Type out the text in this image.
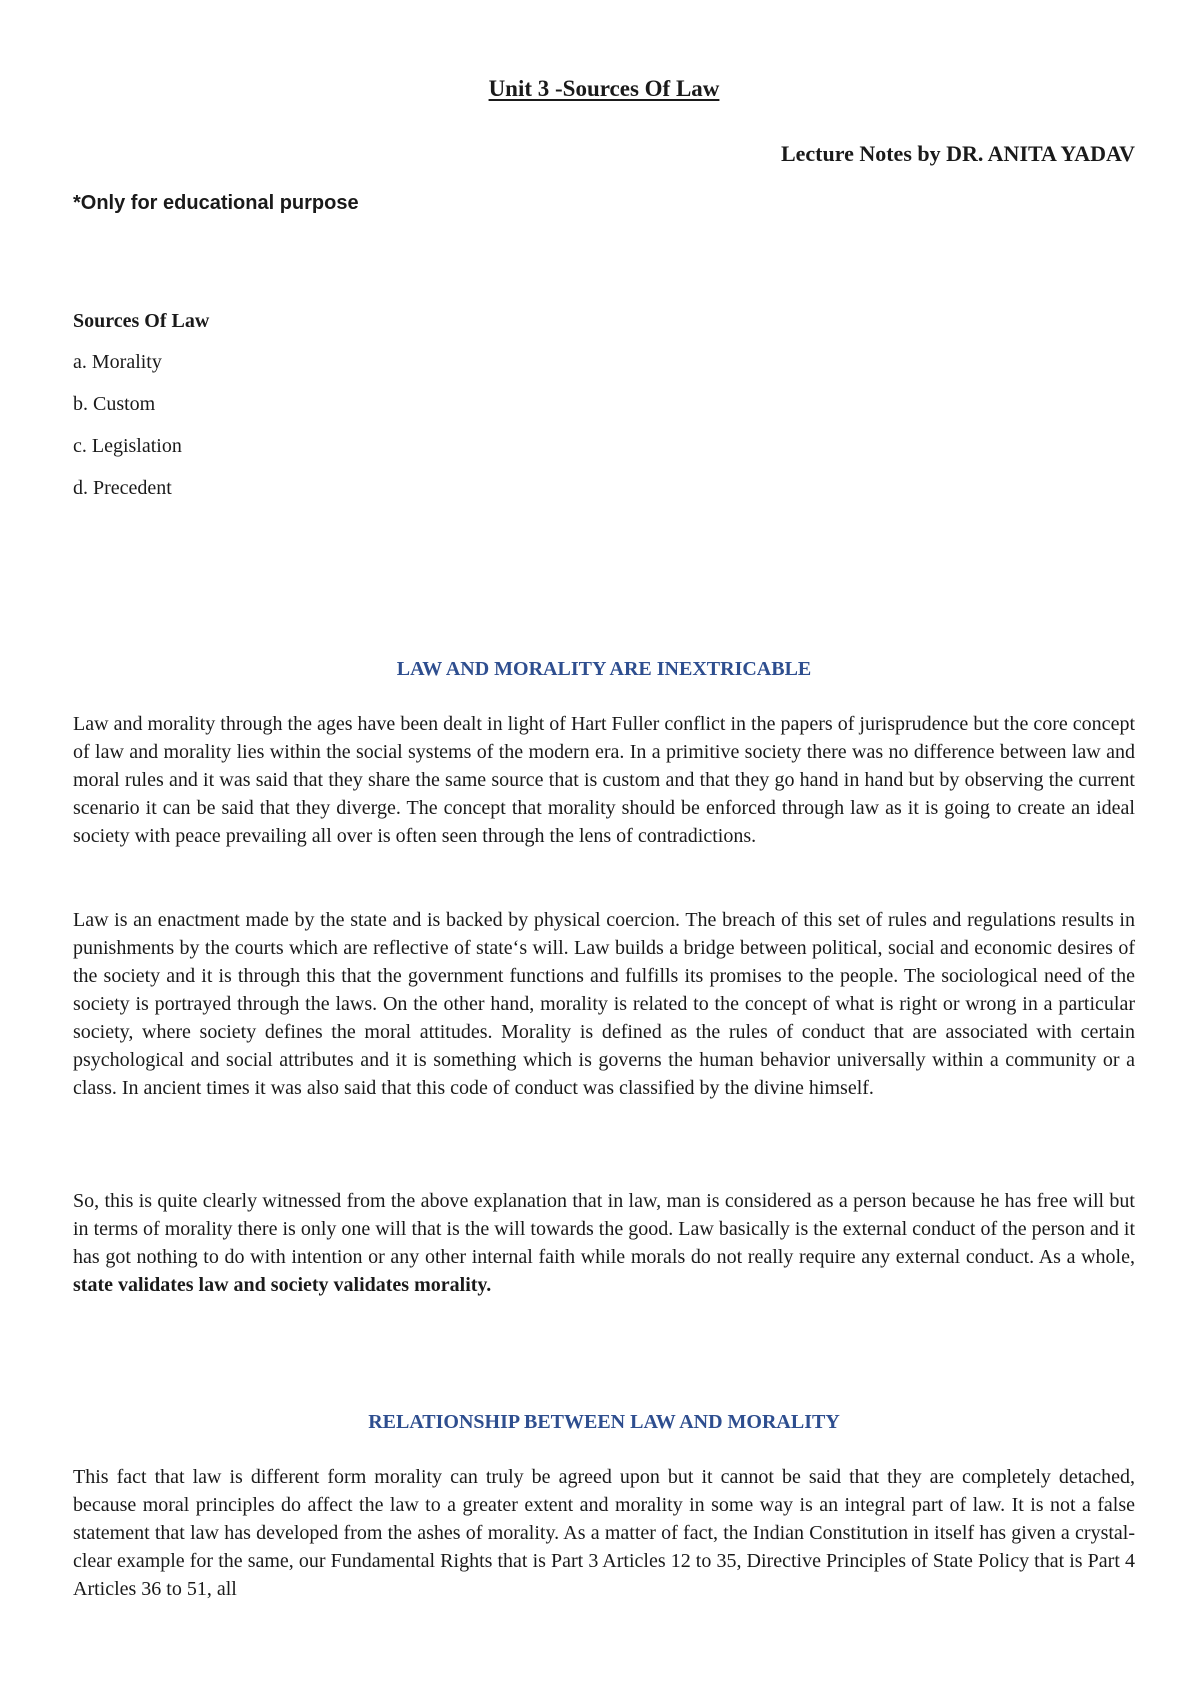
Unit 3 -Sources Of Law
Lecture Notes by DR. ANITA YADAV
*Only for educational purpose
Sources Of Law
a. Morality
b. Custom
c. Legislation
d. Precedent
LAW AND MORALITY ARE INEXTRICABLE

Law and morality through the ages have been dealt in light of Hart Fuller conflict in the papers of jurisprudence but the core concept of law and morality lies within the social systems of the modern era. In a primitive society there was no difference between law and moral rules and it was said that they share the same source that is custom and that they go hand in hand but by observing the current scenario it can be said that they diverge. The concept that morality should be enforced through law as it is going to create an ideal society with peace prevailing all over is often seen through the lens of contradictions.

Law is an enactment made by the state and is backed by physical coercion. The breach of this set of rules and regulations results in punishments by the courts which are reflective of state‘s will. Law builds a bridge between political, social and economic desires of the society and it is through this that the government functions and fulfills its promises to the people. The sociological need of the society is portrayed through the laws. On the other hand, morality is related to the concept of what is right or wrong in a particular society, where society defines the moral attitudes. Morality is defined as the rules of conduct that are associated with certain psychological and social attributes and it is something which is governs the human behavior universally within a community or a class. In ancient times it was also said that this code of conduct was classified by the divine himself.

So, this is quite clearly witnessed from the above explanation that in law, man is considered as a person because he has free will but in terms of morality there is only one will that is the will towards the good. Law basically is the external conduct of the person and it has got nothing to do with intention or any other internal faith while morals do not really require any external conduct. As a whole, state validates law and society validates morality.

RELATIONSHIP BETWEEN LAW AND MORALITY

This fact that law is different form morality can truly be agreed upon but it cannot be said that they are completely detached, because moral principles do affect the law to a greater extent and morality in some way is an integral part of law. It is not a false statement that law has developed from the ashes of morality. As a matter of fact, the Indian Constitution in itself has given a crystal-clear example for the same, our Fundamental Rights that is Part 3 Articles 12 to 35, Directive Principles of State Policy that is Part 4 Articles 36 to 51, all
